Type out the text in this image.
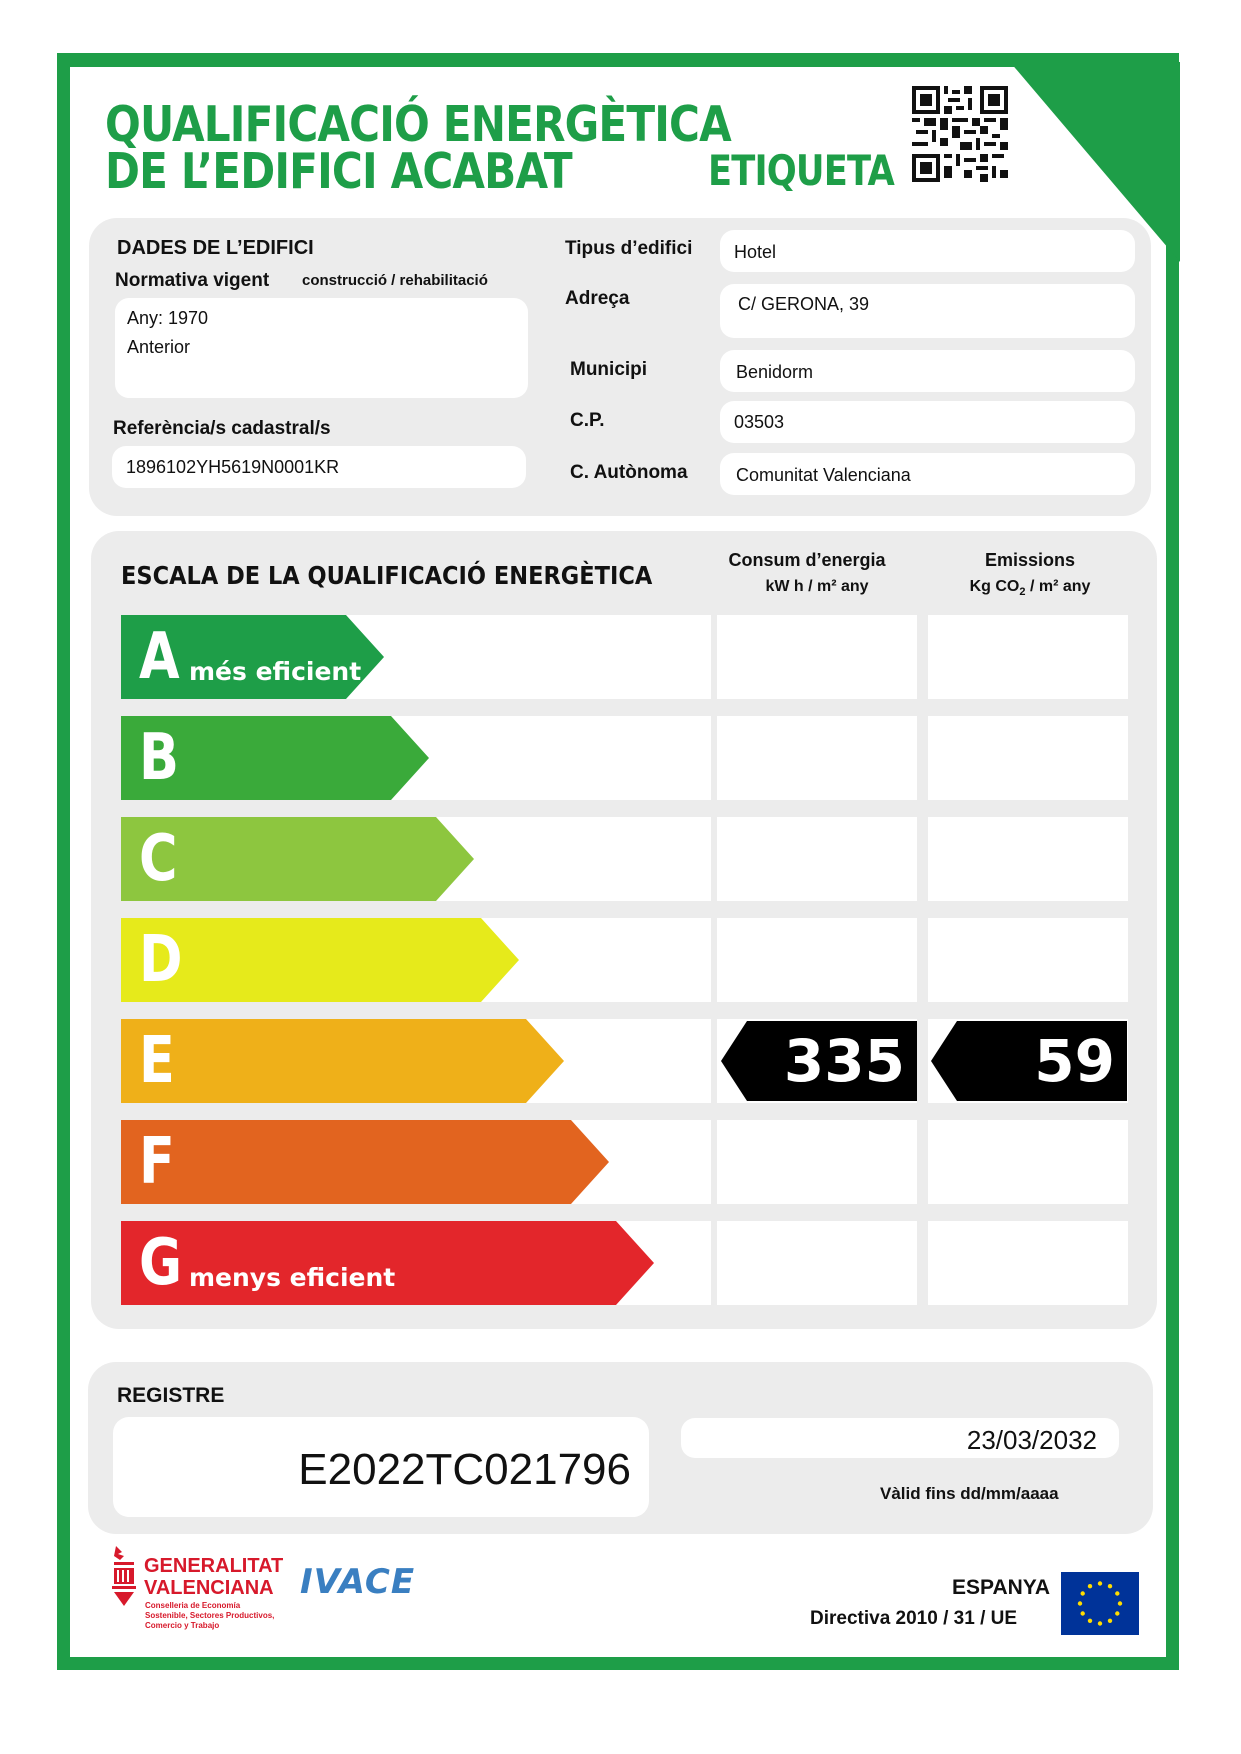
QUALIFICACIÓ ENERGÈTICA
DE L’EDIFICI ACABAT	ETIQUETA
DADES DE L’EDIFICI
Normativa vigent construcció / rehabilitació
Any: 1970
Anterior
Referència/s cadastral/s
1896102YH5619N0001KR
Tipus d’edifici Hotel
Adreça	C/ GERONA, 39
Municipi	Benidorm
C.P.	03503
C. Autònoma	Comunitat Valenciana
ESCALA DE LA QUALIFICACIÓ ENERGÈTICA
Consum d’energia
kW h / m² any
Emissions
Kg $CO_2 / m^2$ any
A més eficient
B
C
D
E	335 59
F
G menys eficient
REGISTRE
E2022TC021796
23/03/2032
Vàlid fins dd/mm/aaaa
GENERALITAT
VALENCIANA
Conselleria de Economía
Sostenible, Sectores Productivos,
Comercio y Trabajo
IVACE	ESPANYA
Directiva 2010 / 31 / UE
